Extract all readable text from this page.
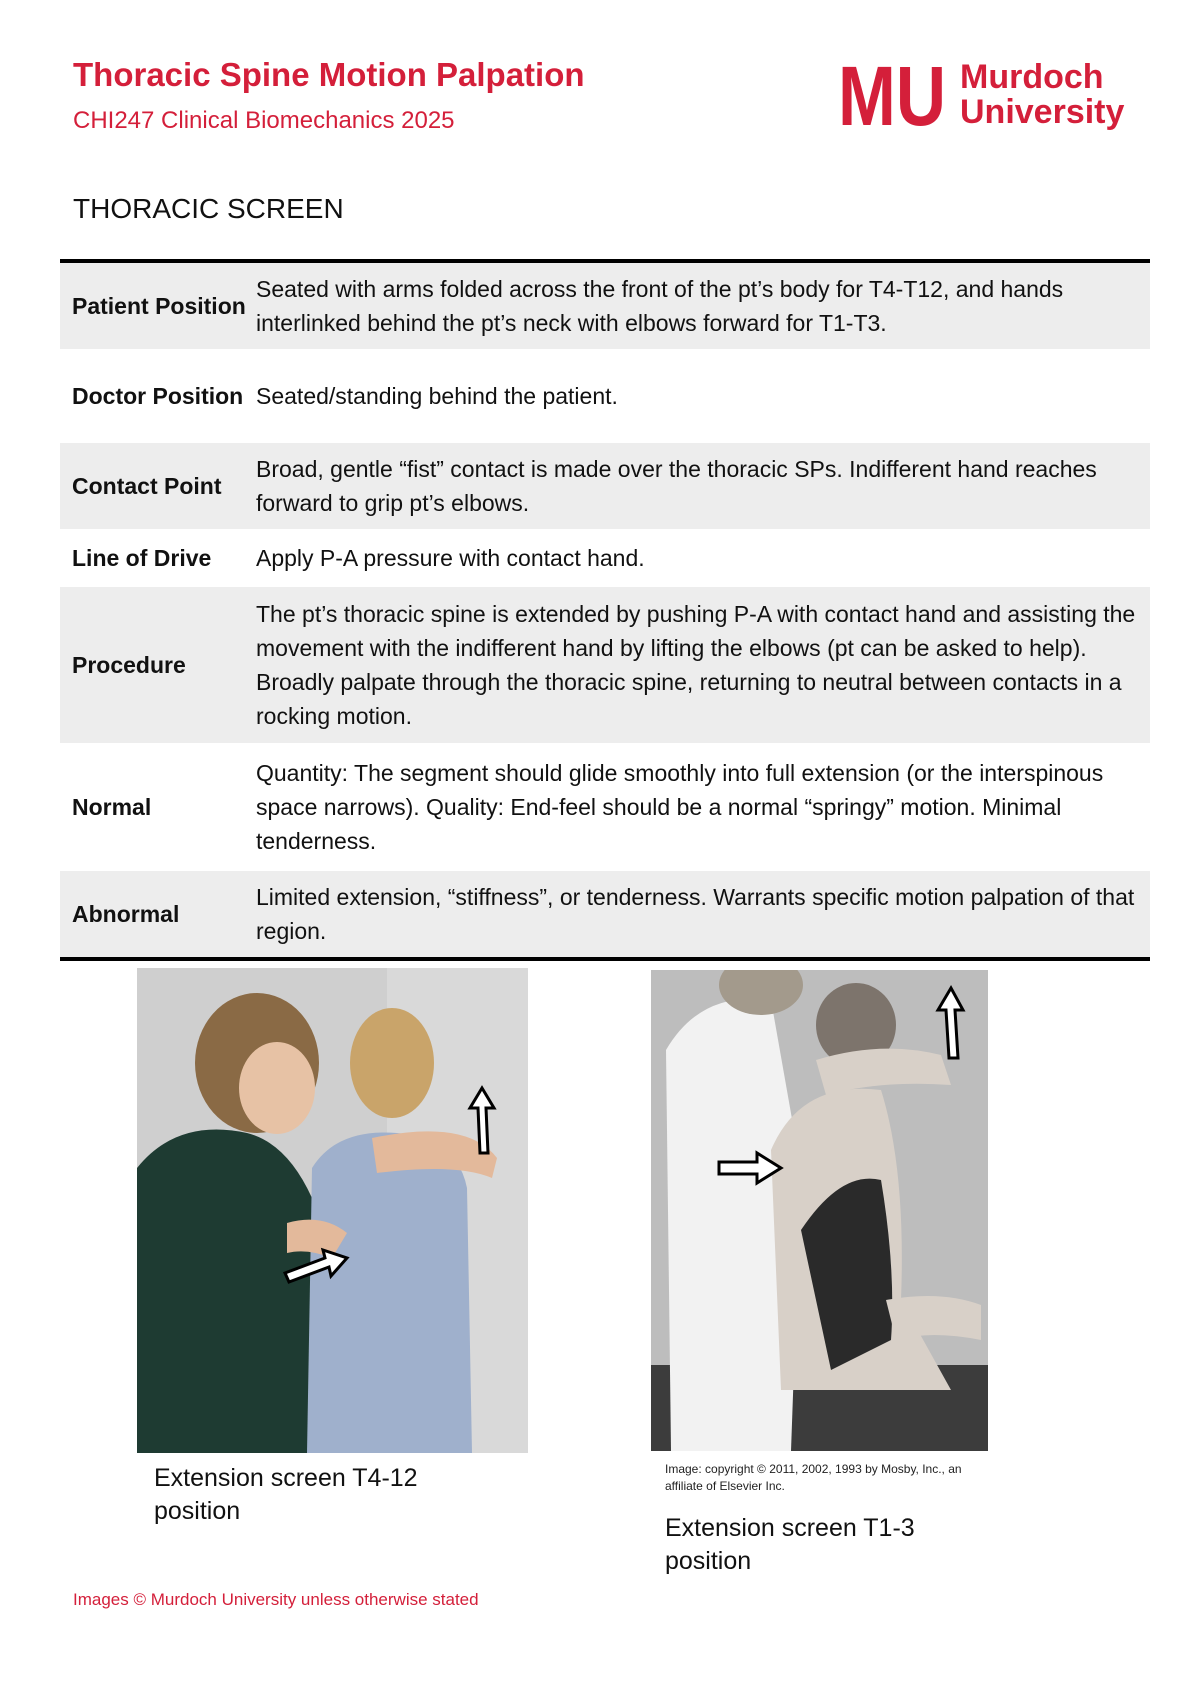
Thoracic Spine Motion Palpation
CHI247 Clinical Biomechanics 2025	MU Murdoch
University
THORACIC SCREEN
Patient Position	Seated with arms folded across the front of the pt’s body for T4-T12, and hands interlinked behind the pt’s neck with elbows forward for T1-T3.

Doctor Position	Seated/standing behind the patient.

Contact Point	Broad, gentle “fist” contact is made over the thoracic SPs. Indifferent hand reaches forward to grip pt’s elbows.

Line of Drive	Apply P-A pressure with contact hand.

Procedure	The pt’s thoracic spine is extended by pushing P-A with contact hand and assisting the movement with the indifferent hand by lifting the elbows (pt can be asked to help). Broadly palpate through the thoracic spine, returning to neutral between contacts in a rocking motion.

Normal	Quantity: The segment should glide smoothly into full extension (or the interspinous space narrows). Quality: End-feel should be a normal “springy” motion. Minimal tenderness.

Abnormal	Limited extension, “stiffness”, or tenderness. Warrants specific motion palpation of that region.
Extension screen T4-12 position
Image: copyright © 2011, 2002, 1993 by Mosby, Inc., an affiliate of Elsevier Inc.
Extension screen T1-3 position
Images © Murdoch University unless otherwise stated
